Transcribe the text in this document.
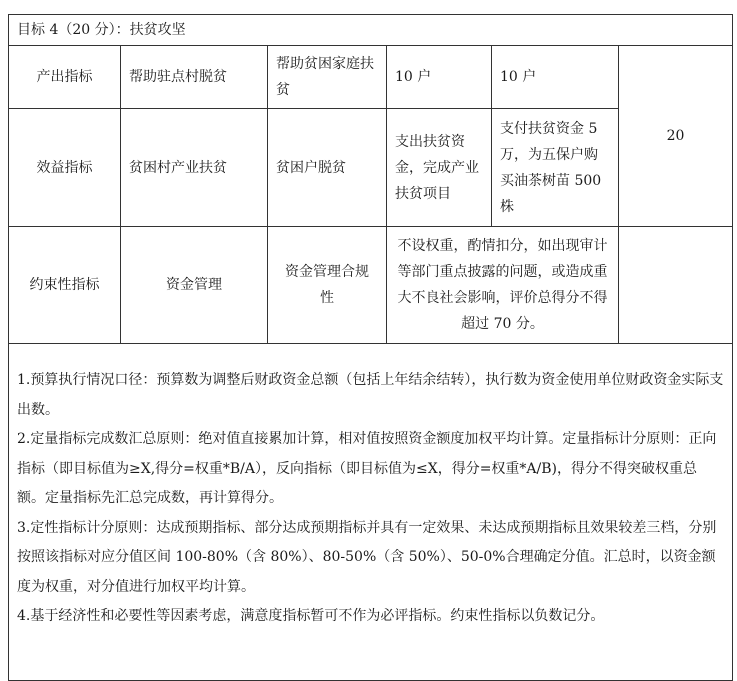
目标 4（20 分）：扶贫攻坚					
产出指标	帮助驻点村脱贫	帮助贫困家庭扶贫	10 户	10 户	20
效益指标	贫困村产业扶贫	贫困户脱贫	支出扶贫资金，完成产业扶贫项目	支付扶贫资金 5 万，为五保户购买油茶树苗 500 株	
约束性指标	资金管理	资金管理合规性	不设权重，酌情扣分，如出现审计等部门重点披露的问题，或造成重大不良社会影响，评价总得分不得超过 70 分。		

1.预算执行情况口径：预算数为调整后财政资金总额（包括上年结余结转），执行数为资金使用单位财政资金实际支出数。

2.定量指标完成数汇总原则：绝对值直接累加计算，相对值按照资金额度加权平均计算。定量指标计分原则：正向指标（即目标值为≥X,得分=权重*B/A），反向指标（即目标值为≤X，得分=权重*A/B)，得分不得突破权重总额。定量指标先汇总完成数，再计算得分。

3.定性指标计分原则：达成预期指标、部分达成预期指标并具有一定效果、未达成预期指标且效果较差三档，分别按照该指标对应分值区间 100-80%（含 80%）、80-50%（含 50%）、50-0%合理确定分值。汇总时，以资金额度为权重，对分值进行加权平均计算。

4.基于经济性和必要性等因素考虑，满意度指标暂可不作为必评指标。约束性指标以负数记分。					
